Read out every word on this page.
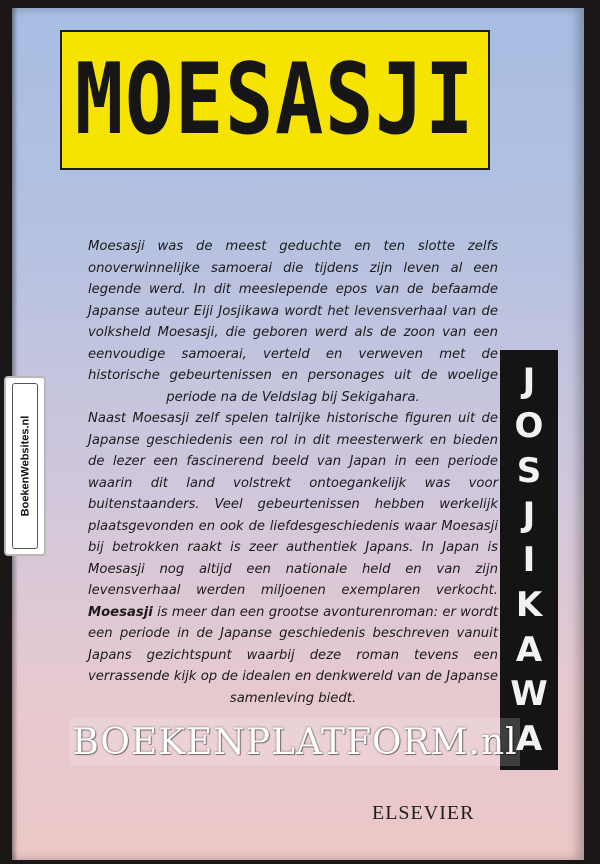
MOESASJI

Moesasji was de meest geduchte en ten slotte zelfs onoverwinnelijke samoerai die tijdens zijn leven al een legende werd. In dit meeslepende epos van de befaamde Japanse auteur Eiji Josjikawa wordt het levensverhaal van de volksheld Moesasji, die geboren werd als de zoon van een eenvoudige samoerai, verteld en verweven met de historische gebeurtenissen en personages uit de woelige periode na de Veldslag bij Sekigahara.

Naast Moesasji zelf spelen talrijke historische figuren uit de Japanse geschiedenis een rol in dit meesterwerk en bieden de lezer een fascinerend beeld van Japan in een periode waarin dit land volstrekt ontoegankelijk was voor buitenstaanders. Veel gebeurtenissen hebben werkelijk plaatsgevonden en ook de liefdesgeschiedenis waar Moesasji bij betrokken raakt is zeer authentiek Japans. In Japan is Moesasji nog altijd een nationale held en van zijn levensverhaal werden miljoenen exemplaren verkocht. Moesasji is meer dan een grootse avonturenroman: er wordt een periode in de Japanse geschiedenis beschreven vanuit Japans gezichtspunt waarbij deze roman tevens een verrassende kijk op de idealen en denkwereld van de Japanse samenleving biedt.

J
O
S
J
I
K
A
W
A
ELSEVIER
BoekenWebsites.nl
BOEKENPLATFORM.nl
